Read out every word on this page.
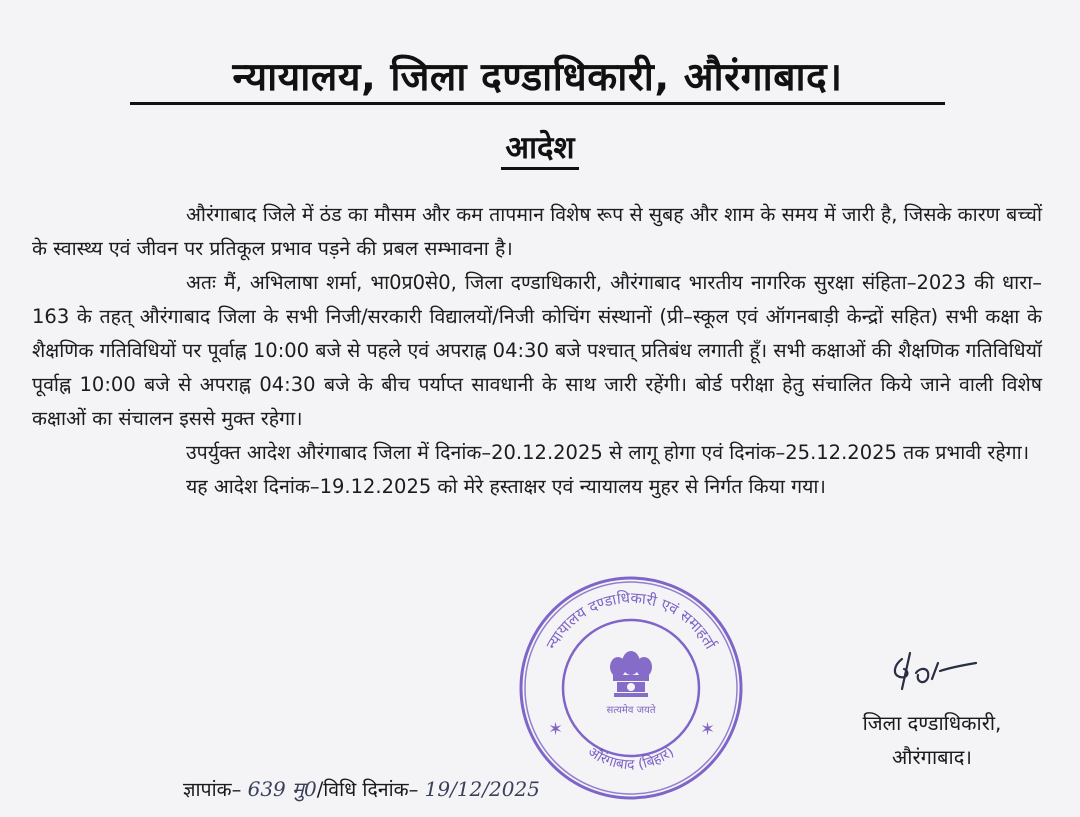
न्यायालय, जिला दण्डाधिकारी, औरंगाबाद।
आदेश

औरंगाबाद जिले में ठंड का मौसम और कम तापमान विशेष रूप से सुबह और शाम के समय में जारी है, जिसके कारण बच्चों के स्वास्थ्य एवं जीवन पर प्रतिकूल प्रभाव पड़ने की प्रबल सम्भावना है।

अतः मैं, अभिलाषा शर्मा, भा0प्र0से0, जिला दण्डाधिकारी, औरंगाबाद भारतीय नागरिक सुरक्षा संहिता–2023 की धारा–163 के तहत् औरंगाबाद जिला के सभी निजी/सरकारी विद्यालयों/निजी कोचिंग संस्थानों (प्री–स्कूल एवं ऑगनबाड़ी केन्द्रों सहित) सभी कक्षा के शैक्षणिक गतिविधियों पर पूर्वाह्न 10:00 बजे से पहले एवं अपराह्न 04:30 बजे पश्चात् प्रतिबंध लगाती हूँ। सभी कक्षाओं की शैक्षणिक गतिविधियॉ पूर्वाह्न 10:00 बजे से अपराह्न 04:30 बजे के बीच पर्याप्त सावधानी के साथ जारी रहेंगी। बोर्ड परीक्षा हेतु संचालित किये जाने वाली विशेष कक्षाओं का संचालन इससे मुक्त रहेगा।

उपर्युक्त आदेश औरंगाबाद जिला में दिनांक–20.12.2025 से लागू होगा एवं दिनांक–25.12.2025 तक प्रभावी रहेगा।

यह आदेश दिनांक–19.12.2025 को मेरे हस्ताक्षर एवं न्यायालय मुहर से निर्गत किया गया।

न्यायालय दण्डाधिकारी एवं समाहर्ता
✶	✶
सत्यमेव जयते
औरंगाबाद (बिहार)
जिला दण्डाधिकारी,
औरंगाबाद।
ज्ञापांक– 639 मु0/विधि दिनांक– 19/12/2025
